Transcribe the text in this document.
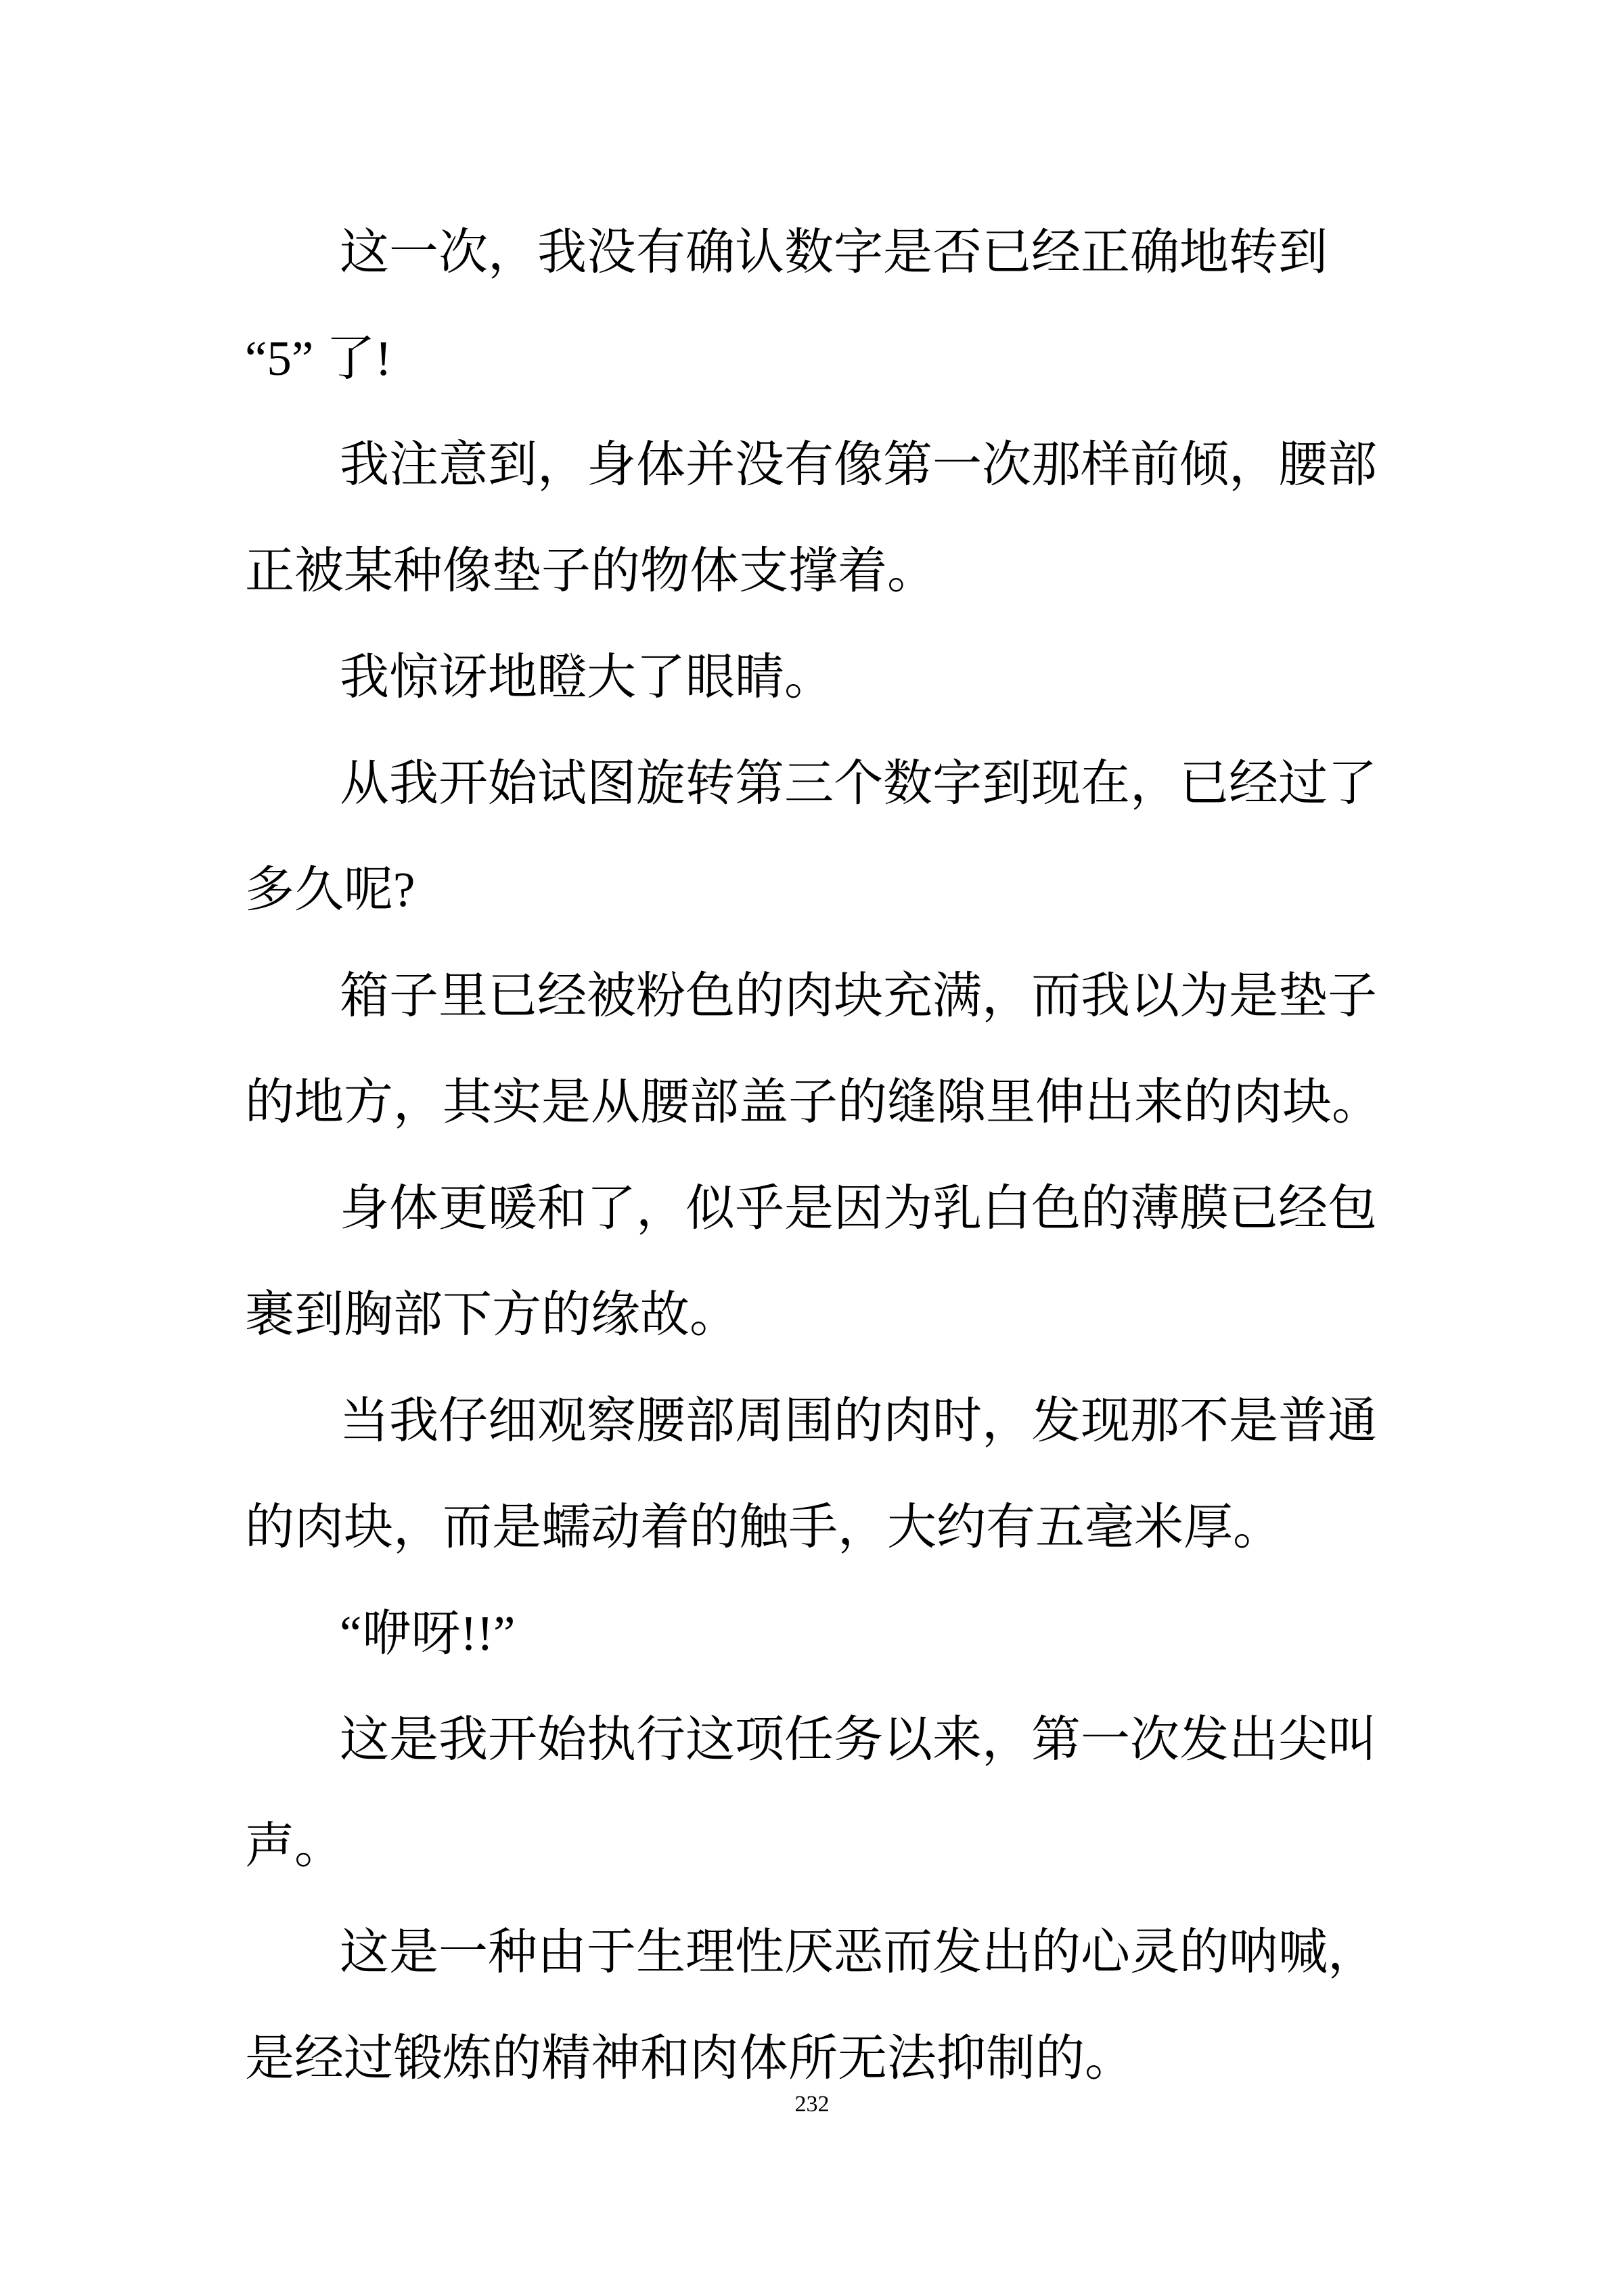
这一次，我没有确认数字是否已经正确地转到
“5” 了!
我注意到，身体并没有像第一次那样前倾，腰部
正被某种像垫子的物体支撑着。
我惊讶地瞪大了眼睛。
从我开始试图旋转第三个数字到现在，已经过了
多久呢?
箱子里已经被粉色的肉块充满，而我以为是垫子
的地方，其实是从腰部盖子的缝隙里伸出来的肉块。
身体更暖和了，似乎是因为乳白色的薄膜已经包
裹到胸部下方的缘故。
当我仔细观察腰部周围的肉时，发现那不是普通
的肉块，而是蠕动着的触手，大约有五毫米厚。
“咿呀!!”
这是我开始执行这项任务以来，第一次发出尖叫
声。
这是一种由于生理性厌恶而发出的心灵的呐喊，
是经过锻炼的精神和肉体所无法抑制的。
232
